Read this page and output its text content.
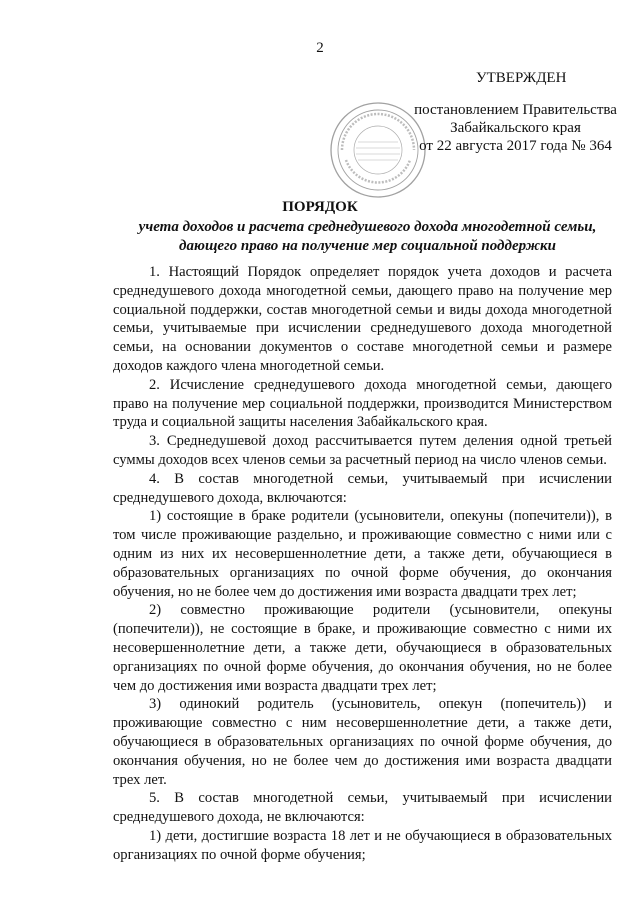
2
УТВЕРЖДЕН
постановлением Правительства
Забайкальского края
от 22 августа 2017 года № 364
ПОРЯДОК
учета доходов и расчета среднедушевого дохода многодетной семьи,
дающего право на получение мер социальной поддержки

1. Настоящий Порядок определяет порядок учета доходов и расчета среднедушевого дохода многодетной семьи, дающего право на получение мер социальной поддержки, состав многодетной семьи и виды дохода многодетной семьи, учитываемые при исчислении среднедушевого дохода многодетной семьи, на основании документов о составе многодетной семьи и размере доходов каждого члена многодетной семьи.

2. Исчисление среднедушевого дохода многодетной семьи, дающего право на получение мер социальной поддержки, производится Министерством труда и социальной защиты населения Забайкальского края.

3. Среднедушевой доход рассчитывается путем деления одной третьей суммы доходов всех членов семьи за расчетный период на число членов семьи.

4. В состав многодетной семьи, учитываемый при исчислении среднедушевого дохода, включаются:

1) состоящие в браке родители (усыновители, опекуны (попечители)), в том числе проживающие раздельно, и проживающие совместно с ними или с одним из них их несовершеннолетние дети, а также дети, обучающиеся в образовательных организациях по очной форме обучения, до окончания обучения, но не более чем до достижения ими возраста двадцати трех лет;

2) совместно проживающие родители (усыновители, опекуны (попечители)), не состоящие в браке, и проживающие совместно с ними их несовершеннолетние дети, а также дети, обучающиеся в образовательных организациях по очной форме обучения, до окончания обучения, но не более чем до достижения ими возраста двадцати трех лет;

3) одинокий родитель (усыновитель, опекун (попечитель)) и проживающие совместно с ним несовершеннолетние дети, а также дети, обучающиеся в образовательных организациях по очной форме обучения, до окончания обучения, но не более чем до достижения ими возраста двадцати трех лет.

5. В состав многодетной семьи, учитываемый при исчислении среднедушевого дохода, не включаются:

1) дети, достигшие возраста 18 лет и не обучающиеся в образовательных организациях по очной форме обучения;
